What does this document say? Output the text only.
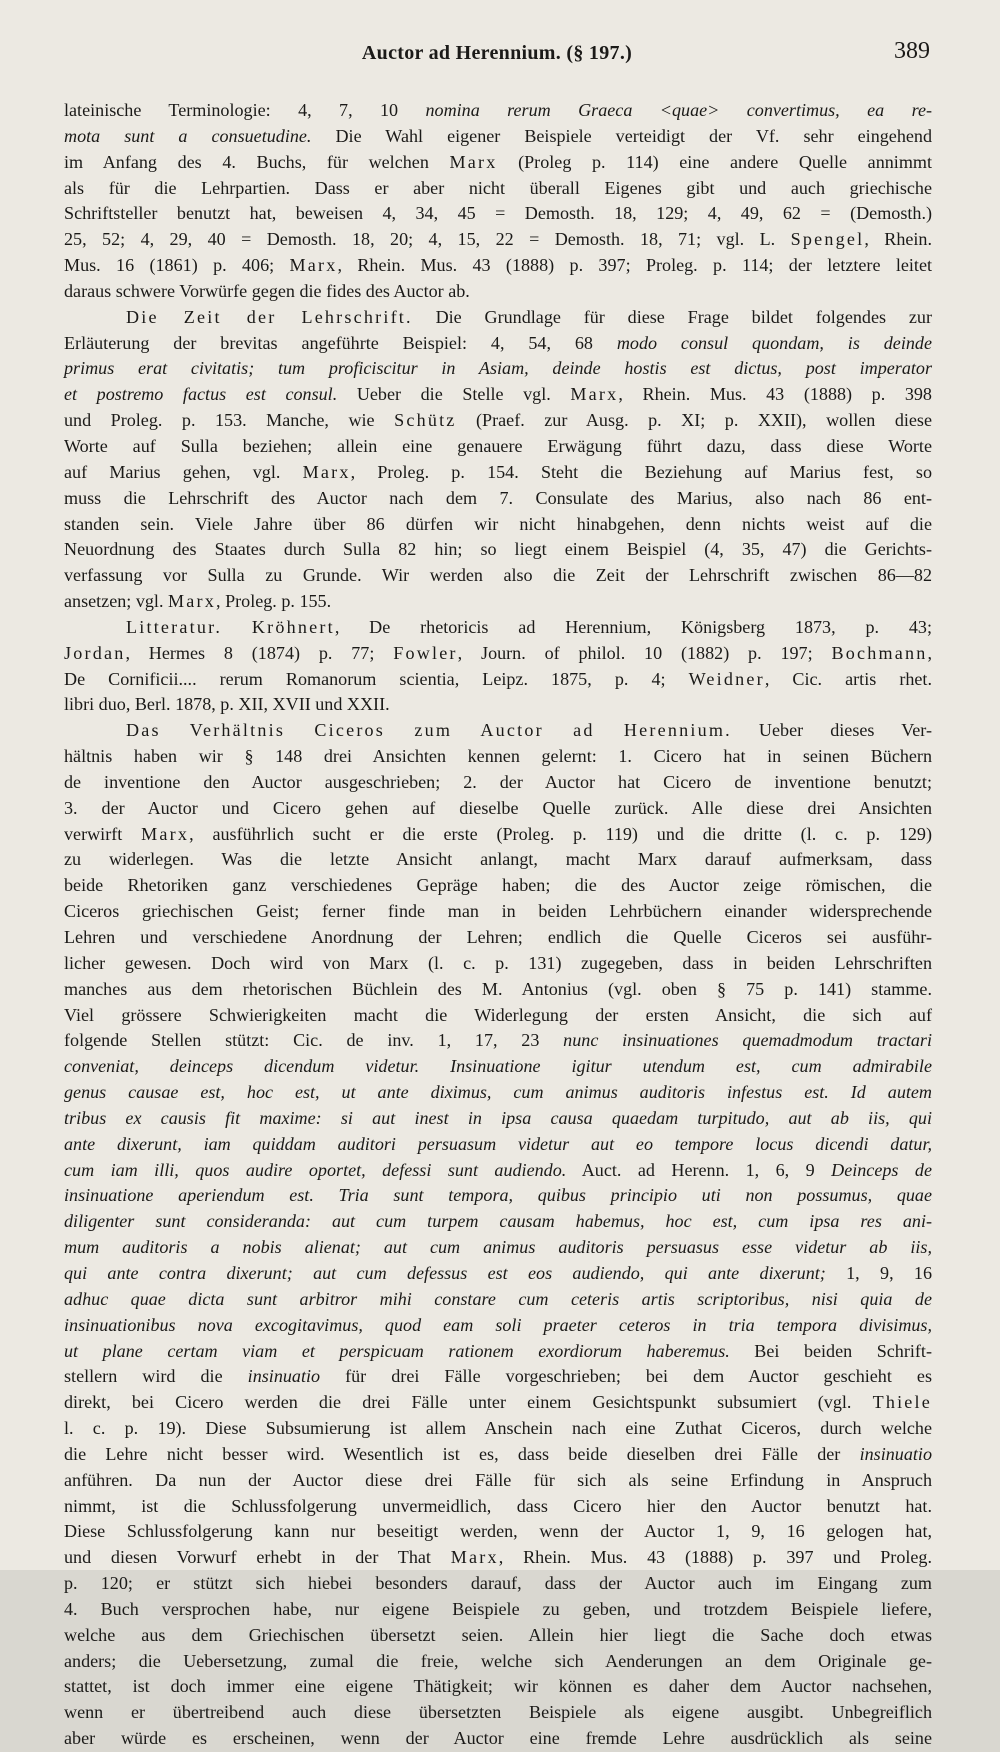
Auctor ad Herennium. (§ 197.)	389
lateinische Terminologie: 4, 7, 10 nomina rerum Graeca <quae> convertimus, ea re-
mota sunt a consuetudine. Die Wahl eigener Beispiele verteidigt der Vf. sehr eingehend
im Anfang des 4. Buchs, für welchen Marx (Proleg p. 114) eine andere Quelle annimmt
als für die Lehrpartien. Dass er aber nicht überall Eigenes gibt und auch griechische
Schriftsteller benutzt hat, beweisen 4, 34, 45 = Demosth. 18, 129; 4, 49, 62 = (Demosth.)
25, 52; 4, 29, 40 = Demosth. 18, 20; 4, 15, 22 = Demosth. 18, 71; vgl. L. Spengel, Rhein.
Mus. 16 (1861) p. 406; Marx, Rhein. Mus. 43 (1888) p. 397; Proleg. p. 114; der letztere leitet
daraus schwere Vorwürfe gegen die fides des Auctor ab.
Die Zeit der Lehrschrift. Die Grundlage für diese Frage bildet folgendes zur
Erläuterung der brevitas angeführte Beispiel: 4, 54, 68 modo consul quondam, is deinde
primus erat civitatis; tum proficiscitur in Asiam, deinde hostis est dictus, post imperator
et postremo factus est consul. Ueber die Stelle vgl. Marx, Rhein. Mus. 43 (1888) p. 398
und Proleg. p. 153. Manche, wie Schütz (Praef. zur Ausg. p. XI; p. XXII), wollen diese
Worte auf Sulla beziehen; allein eine genauere Erwägung führt dazu, dass diese Worte
auf Marius gehen, vgl. Marx, Proleg. p. 154. Steht die Beziehung auf Marius fest, so
muss die Lehrschrift des Auctor nach dem 7. Consulate des Marius, also nach 86 ent-
standen sein. Viele Jahre über 86 dürfen wir nicht hinabgehen, denn nichts weist auf die
Neuordnung des Staates durch Sulla 82 hin; so liegt einem Beispiel (4, 35, 47) die Gerichts-
verfassung vor Sulla zu Grunde. Wir werden also die Zeit der Lehrschrift zwischen 86—82
ansetzen; vgl. Marx, Proleg. p. 155.
Litteratur. Kröhnert, De rhetoricis ad Herennium, Königsberg 1873, p. 43;
Jordan, Hermes 8 (1874) p. 77; Fowler, Journ. of philol. 10 (1882) p. 197; Bochmann,
De Cornificii.... rerum Romanorum scientia, Leipz. 1875, p. 4; Weidner, Cic. artis rhet.
libri duo, Berl. 1878, p. XII, XVII und XXII.
Das Verhältnis Ciceros zum Auctor ad Herennium. Ueber dieses Ver-
hältnis haben wir § 148 drei Ansichten kennen gelernt: 1. Cicero hat in seinen Büchern
de inventione den Auctor ausgeschrieben; 2. der Auctor hat Cicero de inventione benutzt;
3. der Auctor und Cicero gehen auf dieselbe Quelle zurück. Alle diese drei Ansichten
verwirft Marx, ausführlich sucht er die erste (Proleg. p. 119) und die dritte (l. c. p. 129)
zu widerlegen. Was die letzte Ansicht anlangt, macht Marx darauf aufmerksam, dass
beide Rhetoriken ganz verschiedenes Gepräge haben; die des Auctor zeige römischen, die
Ciceros griechischen Geist; ferner finde man in beiden Lehrbüchern einander widersprechende
Lehren und verschiedene Anordnung der Lehren; endlich die Quelle Ciceros sei ausführ-
licher gewesen. Doch wird von Marx (l. c. p. 131) zugegeben, dass in beiden Lehrschriften
manches aus dem rhetorischen Büchlein des M. Antonius (vgl. oben § 75 p. 141) stamme.
Viel grössere Schwierigkeiten macht die Widerlegung der ersten Ansicht, die sich auf
folgende Stellen stützt: Cic. de inv. 1, 17, 23 nunc insinuationes quemadmodum tractari
conveniat, deinceps dicendum videtur. Insinuatione igitur utendum est, cum admirabile
genus causae est, hoc est, ut ante diximus, cum animus auditoris infestus est. Id autem
tribus ex causis fit maxime: si aut inest in ipsa causa quaedam turpitudo, aut ab iis, qui
ante dixerunt, iam quiddam auditori persuasum videtur aut eo tempore locus dicendi datur,
cum iam illi, quos audire oportet, defessi sunt audiendo. Auct. ad Herenn. 1, 6, 9 Deinceps de
insinuatione aperiendum est. Tria sunt tempora, quibus principio uti non possumus, quae
diligenter sunt consideranda: aut cum turpem causam habemus, hoc est, cum ipsa res ani-
mum auditoris a nobis alienat; aut cum animus auditoris persuasus esse videtur ab iis,
qui ante contra dixerunt; aut cum defessus est eos audiendo, qui ante dixerunt; 1, 9, 16
adhuc quae dicta sunt arbitror mihi constare cum ceteris artis scriptoribus, nisi quia de
insinuationibus nova excogitavimus, quod eam soli praeter ceteros in tria tempora divisimus,
ut plane certam viam et perspicuam rationem exordiorum haberemus. Bei beiden Schrift-
stellern wird die insinuatio für drei Fälle vorgeschrieben; bei dem Auctor geschieht es
direkt, bei Cicero werden die drei Fälle unter einem Gesichtspunkt subsumiert (vgl. Thiele
l. c. p. 19). Diese Subsumierung ist allem Anschein nach eine Zuthat Ciceros, durch welche
die Lehre nicht besser wird. Wesentlich ist es, dass beide dieselben drei Fälle der insinuatio
anführen. Da nun der Auctor diese drei Fälle für sich als seine Erfindung in Anspruch
nimmt, ist die Schlussfolgerung unvermeidlich, dass Cicero hier den Auctor benutzt hat.
Diese Schlussfolgerung kann nur beseitigt werden, wenn der Auctor 1, 9, 16 gelogen hat,
und diesen Vorwurf erhebt in der That Marx, Rhein. Mus. 43 (1888) p. 397 und Proleg.
p. 120; er stützt sich hiebei besonders darauf, dass der Auctor auch im Eingang zum
4. Buch versprochen habe, nur eigene Beispiele zu geben, und trotzdem Beispiele liefere,
welche aus dem Griechischen übersetzt seien. Allein hier liegt die Sache doch etwas
anders; die Uebersetzung, zumal die freie, welche sich Aenderungen an dem Originale ge-
stattet, ist doch immer eine eigene Thätigkeit; wir können es daher dem Auctor nachsehen,
wenn er übertreibend auch diese übersetzten Beispiele als eigene ausgibt. Unbegreiflich
aber würde es erscheinen, wenn der Auctor eine fremde Lehre ausdrücklich als seine
